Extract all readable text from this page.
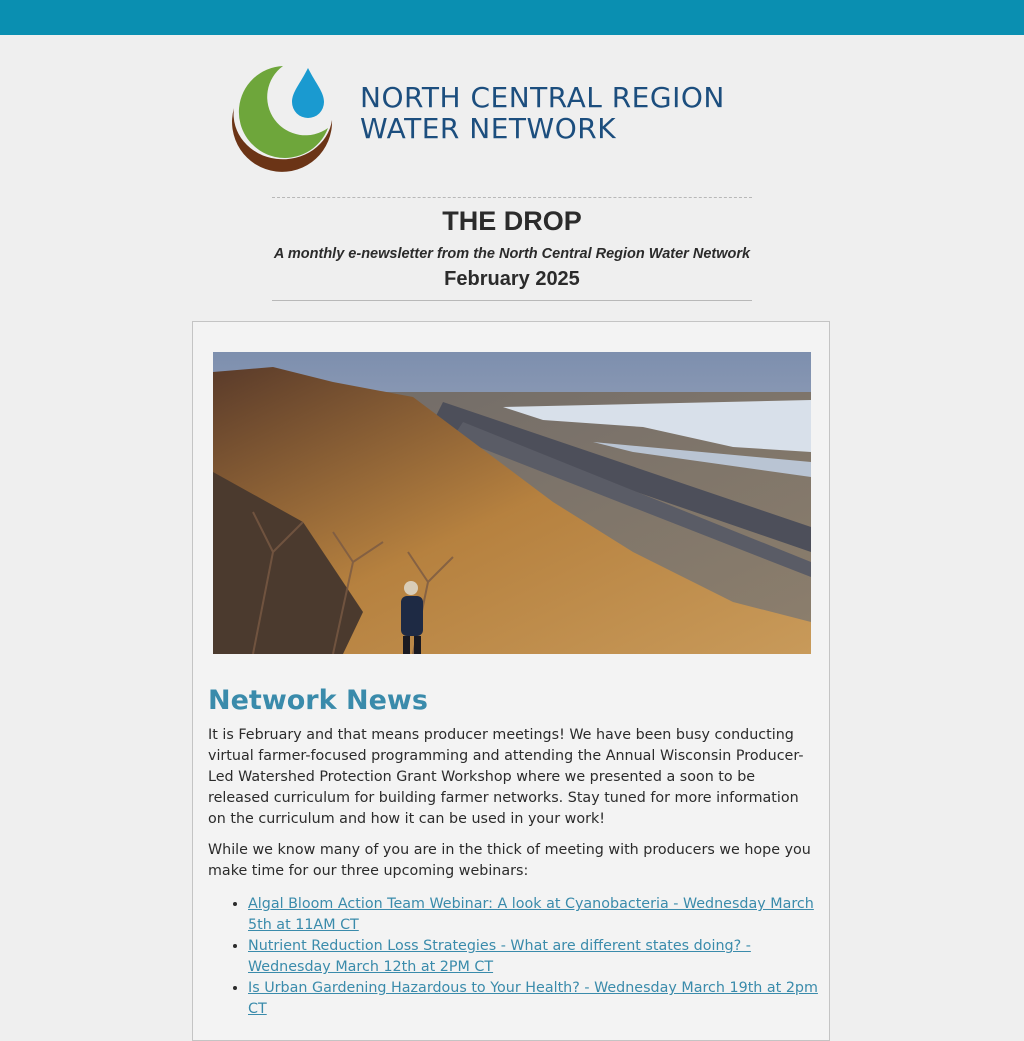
NORTH CENTRAL REGION
WATER NETWORK
THE DROP
A monthly e-newsletter from the North Central Region Water Network
February 2025
Network News

It is February and that means producer meetings! We have been busy conducting virtual farmer-focused programming and attending the Annual Wisconsin Producer-Led Watershed Protection Grant Workshop where we presented a soon to be released curriculum for building farmer networks. Stay tuned for more information on the curriculum and how it can be used in your work!

While we know many of you are in the thick of meeting with producers we hope you make time for our three upcoming webinars:

• Algal Bloom Action Team Webinar: A look at Cyanobacteria - Wednesday March 5th at 11AM CT
• Nutrient Reduction Loss Strategies - What are different states doing? - Wednesday March 12th at 2PM CT
• Is Urban Gardening Hazardous to Your Health? - Wednesday March 19th at 2pm CT
